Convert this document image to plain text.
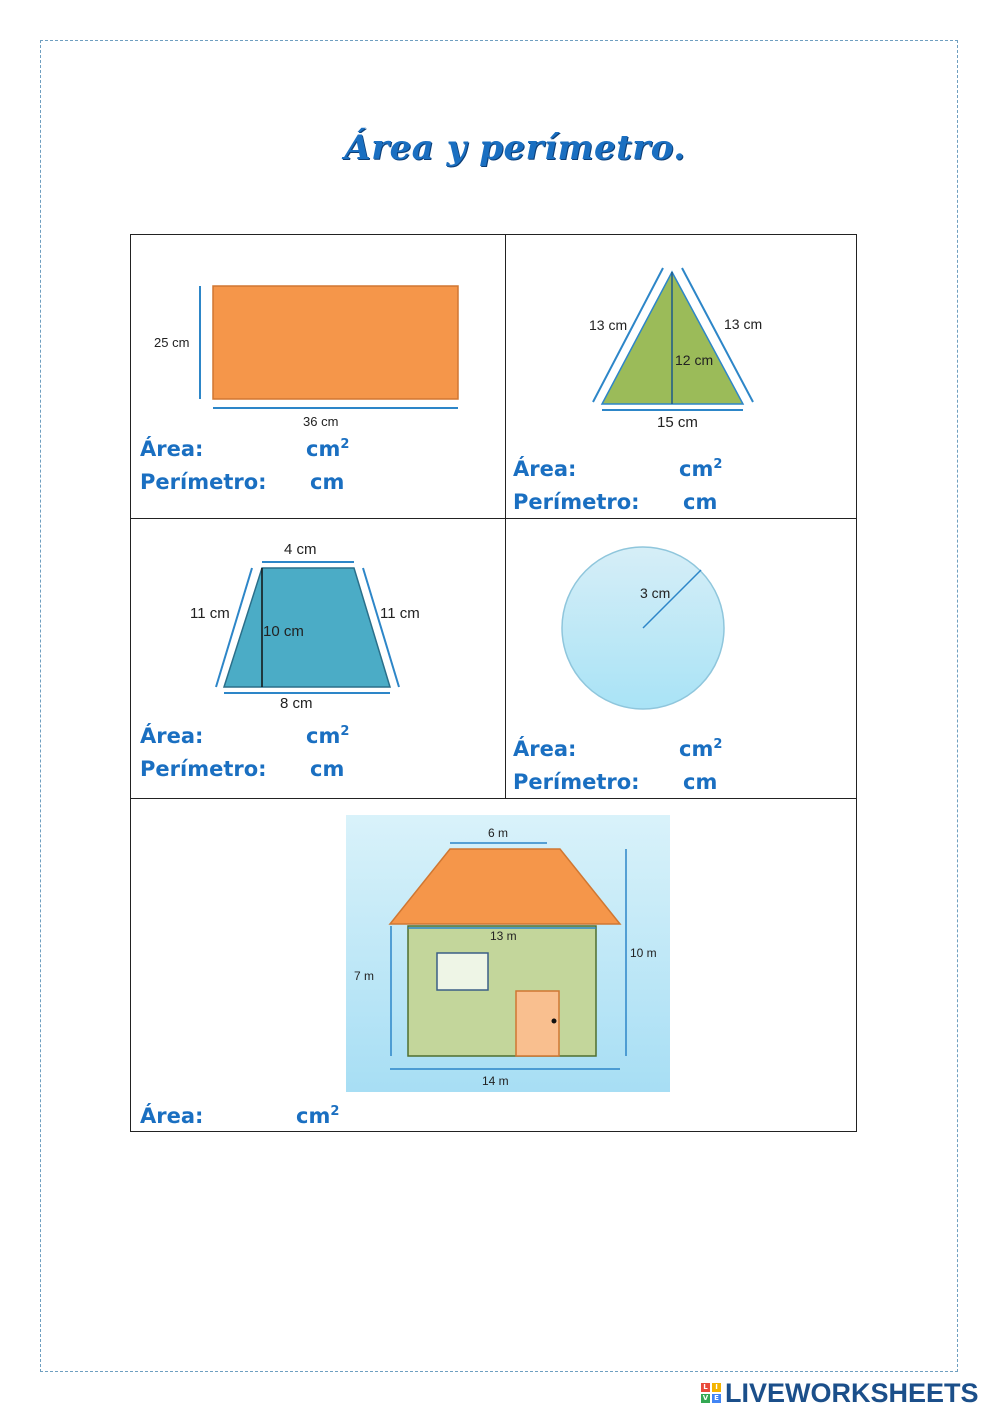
Área y perímetro.
25 cm
36 cm
Área:	$cm^2$
Perímetro: cm
13 cm	13 cm
12 cm
15 cm
Área:	$cm^2$
Perímetro: cm
4 cm
11 cm	11 cm
10 cm
8 cm
Área:	$cm^2$
Perímetro: cm
3 cm
Área:	$cm^2$
Perímetro: cm
6 m
13 m
7 m
10 m
14 m
Área:	$cm^2$
L	I
V E LIVEWORKSHEETS
